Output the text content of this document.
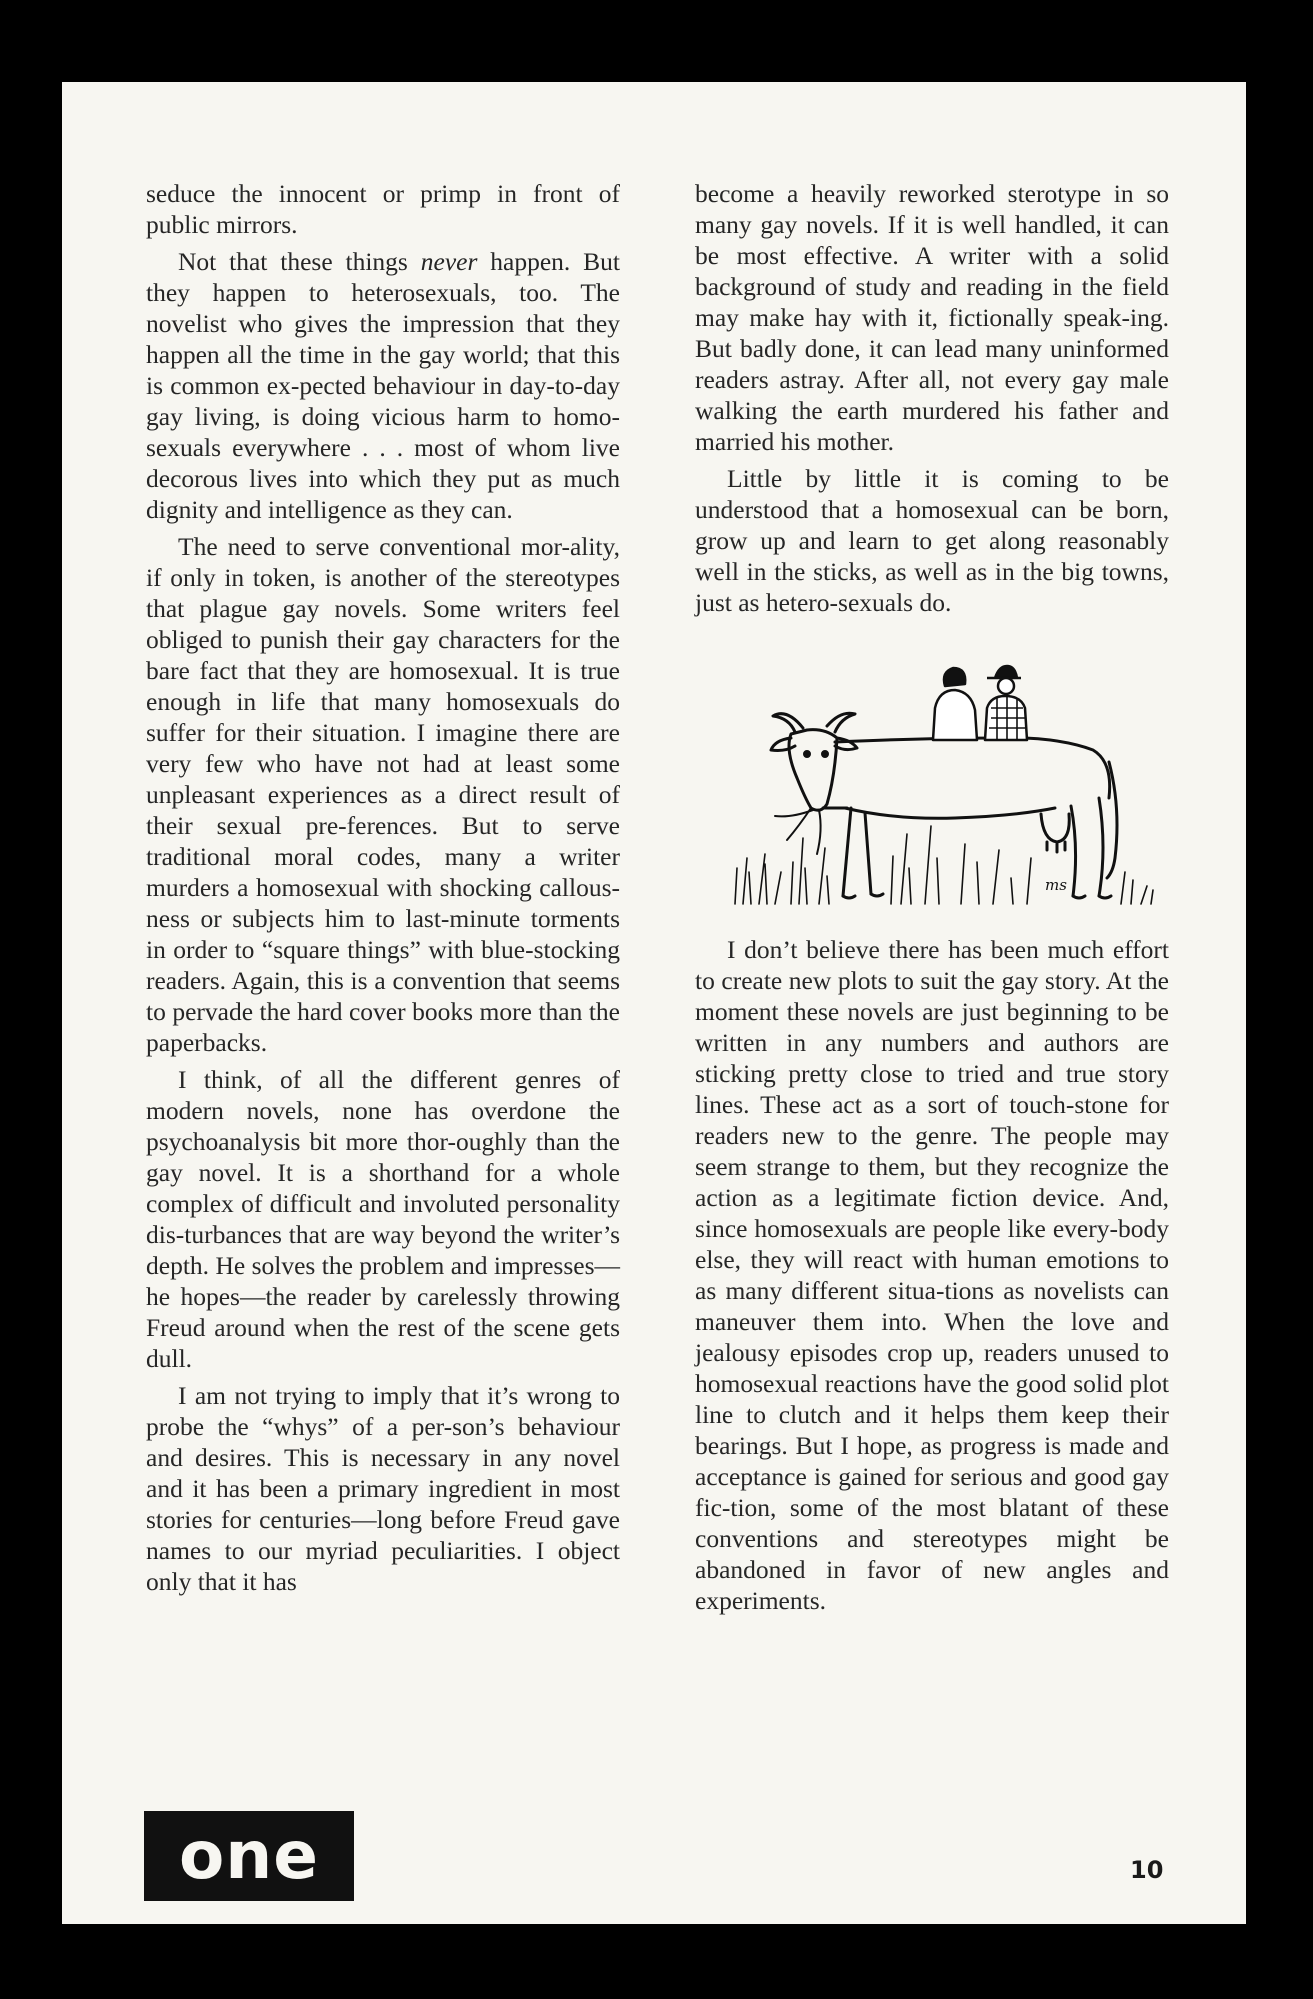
seduce the innocent or primp in front of public mirrors.

Not that these things never happen. But they happen to heterosexuals, too. The novelist who gives the impression that they happen all the time in the gay world; that this is common ex-pected behaviour in day-to-day gay living, is doing vicious harm to homo-sexuals everywhere . . . most of whom live decorous lives into which they put as much dignity and intelligence as they can.

The need to serve conventional mor-ality, if only in token, is another of the stereotypes that plague gay novels. Some writers feel obliged to punish their gay characters for the bare fact that they are homosexual. It is true enough in life that many homosexuals do suffer for their situation. I imagine there are very few who have not had at least some unpleasant experiences as a direct result of their sexual pre-ferences. But to serve traditional moral codes, many a writer murders a homosexual with shocking callous-ness or subjects him to last-minute torments in order to “square things” with blue-stocking readers. Again, this is a convention that seems to pervade the hard cover books more than the paperbacks.

I think, of all the different genres of modern novels, none has overdone the psychoanalysis bit more thor-oughly than the gay novel. It is a shorthand for a whole complex of difficult and involuted personality dis-turbances that are way beyond the writer’s depth. He solves the problem and impresses—he hopes—the reader by carelessly throwing Freud around when the rest of the scene gets dull.

I am not trying to imply that it’s wrong to probe the “whys” of a per-son’s behaviour and desires. This is necessary in any novel and it has been a primary ingredient in most stories for centuries—long before Freud gave names to our myriad peculiarities. I object only that it has

become a heavily reworked sterotype in so many gay novels. If it is well handled, it can be most effective. A writer with a solid background of study and reading in the field may make hay with it, fictionally speak-ing. But badly done, it can lead many uninformed readers astray. After all, not every gay male walking the earth murdered his father and married his mother.

Little by little it is coming to be understood that a homosexual can be born, grow up and learn to get along reasonably well in the sticks, as well as in the big towns, just as hetero-sexuals do.

ms

I don’t believe there has been much effort to create new plots to suit the gay story. At the moment these novels are just beginning to be written in any numbers and authors are sticking pretty close to tried and true story lines. These act as a sort of touch-stone for readers new to the genre. The people may seem strange to them, but they recognize the action as a legitimate fiction device. And, since homosexuals are people like every-body else, they will react with human emotions to as many different situa-tions as novelists can maneuver them into. When the love and jealousy episodes crop up, readers unused to homosexual reactions have the good solid plot line to clutch and it helps them keep their bearings. But I hope, as progress is made and acceptance is gained for serious and good gay fic-tion, some of the most blatant of these conventions and stereotypes might be abandoned in favor of new angles and experiments.

one	10
